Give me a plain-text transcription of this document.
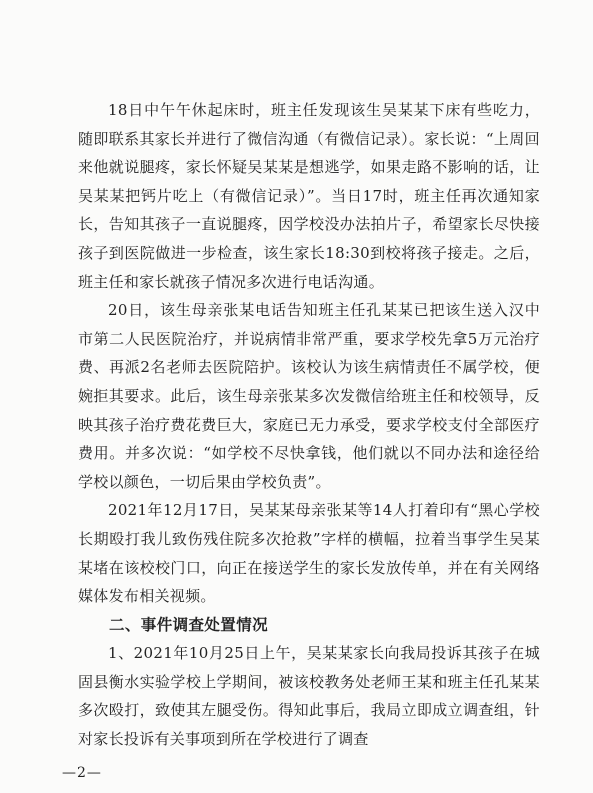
18日中午午休起床时，班主任发现该生吴某某下床有些吃力，随即联系其家长并进行了微信沟通（有微信记录）。家长说：“上周回来他就说腿疼，家长怀疑吴某某是想逃学，如果走路不影响的话，让吴某某把钙片吃上（有微信记录）”。当日17时，班主任再次通知家长，告知其孩子一直说腿疼，因学校没办法拍片子，希望家长尽快接孩子到医院做进一步检查，该生家长18:30到校将孩子接走。之后，班主任和家长就孩子情况多次进行电话沟通。

20日，该生母亲张某电话告知班主任孔某某已把该生送入汉中市第二人民医院治疗，并说病情非常严重，要求学校先拿5万元治疗费、再派2名老师去医院陪护。该校认为该生病情责任不属学校，便婉拒其要求。此后，该生母亲张某多次发微信给班主任和校领导，反映其孩子治疗费花费巨大，家庭已无力承受，要求学校支付全部医疗费用。并多次说：“如学校不尽快拿钱，他们就以不同办法和途径给学校以颜色，一切后果由学校负责”。

2021年12月17日，吴某某母亲张某等14人打着印有“黑心学校长期殴打我儿致伤残住院多次抢救”字样的横幅，拉着当事学生吴某某堵在该校校门口，向正在接送学生的家长发放传单，并在有关网络媒体发布相关视频。

二、事件调查处置情况

1、2021年10月25日上午，吴某某家长向我局投诉其孩子在城固县衡水实验学校上学期间，被该校教务处老师王某和班主任孔某某多次殴打，致使其左腿受伤。得知此事后，我局立即成立调查组，针对家长投诉有关事项到所在学校进行了调查

—2—
